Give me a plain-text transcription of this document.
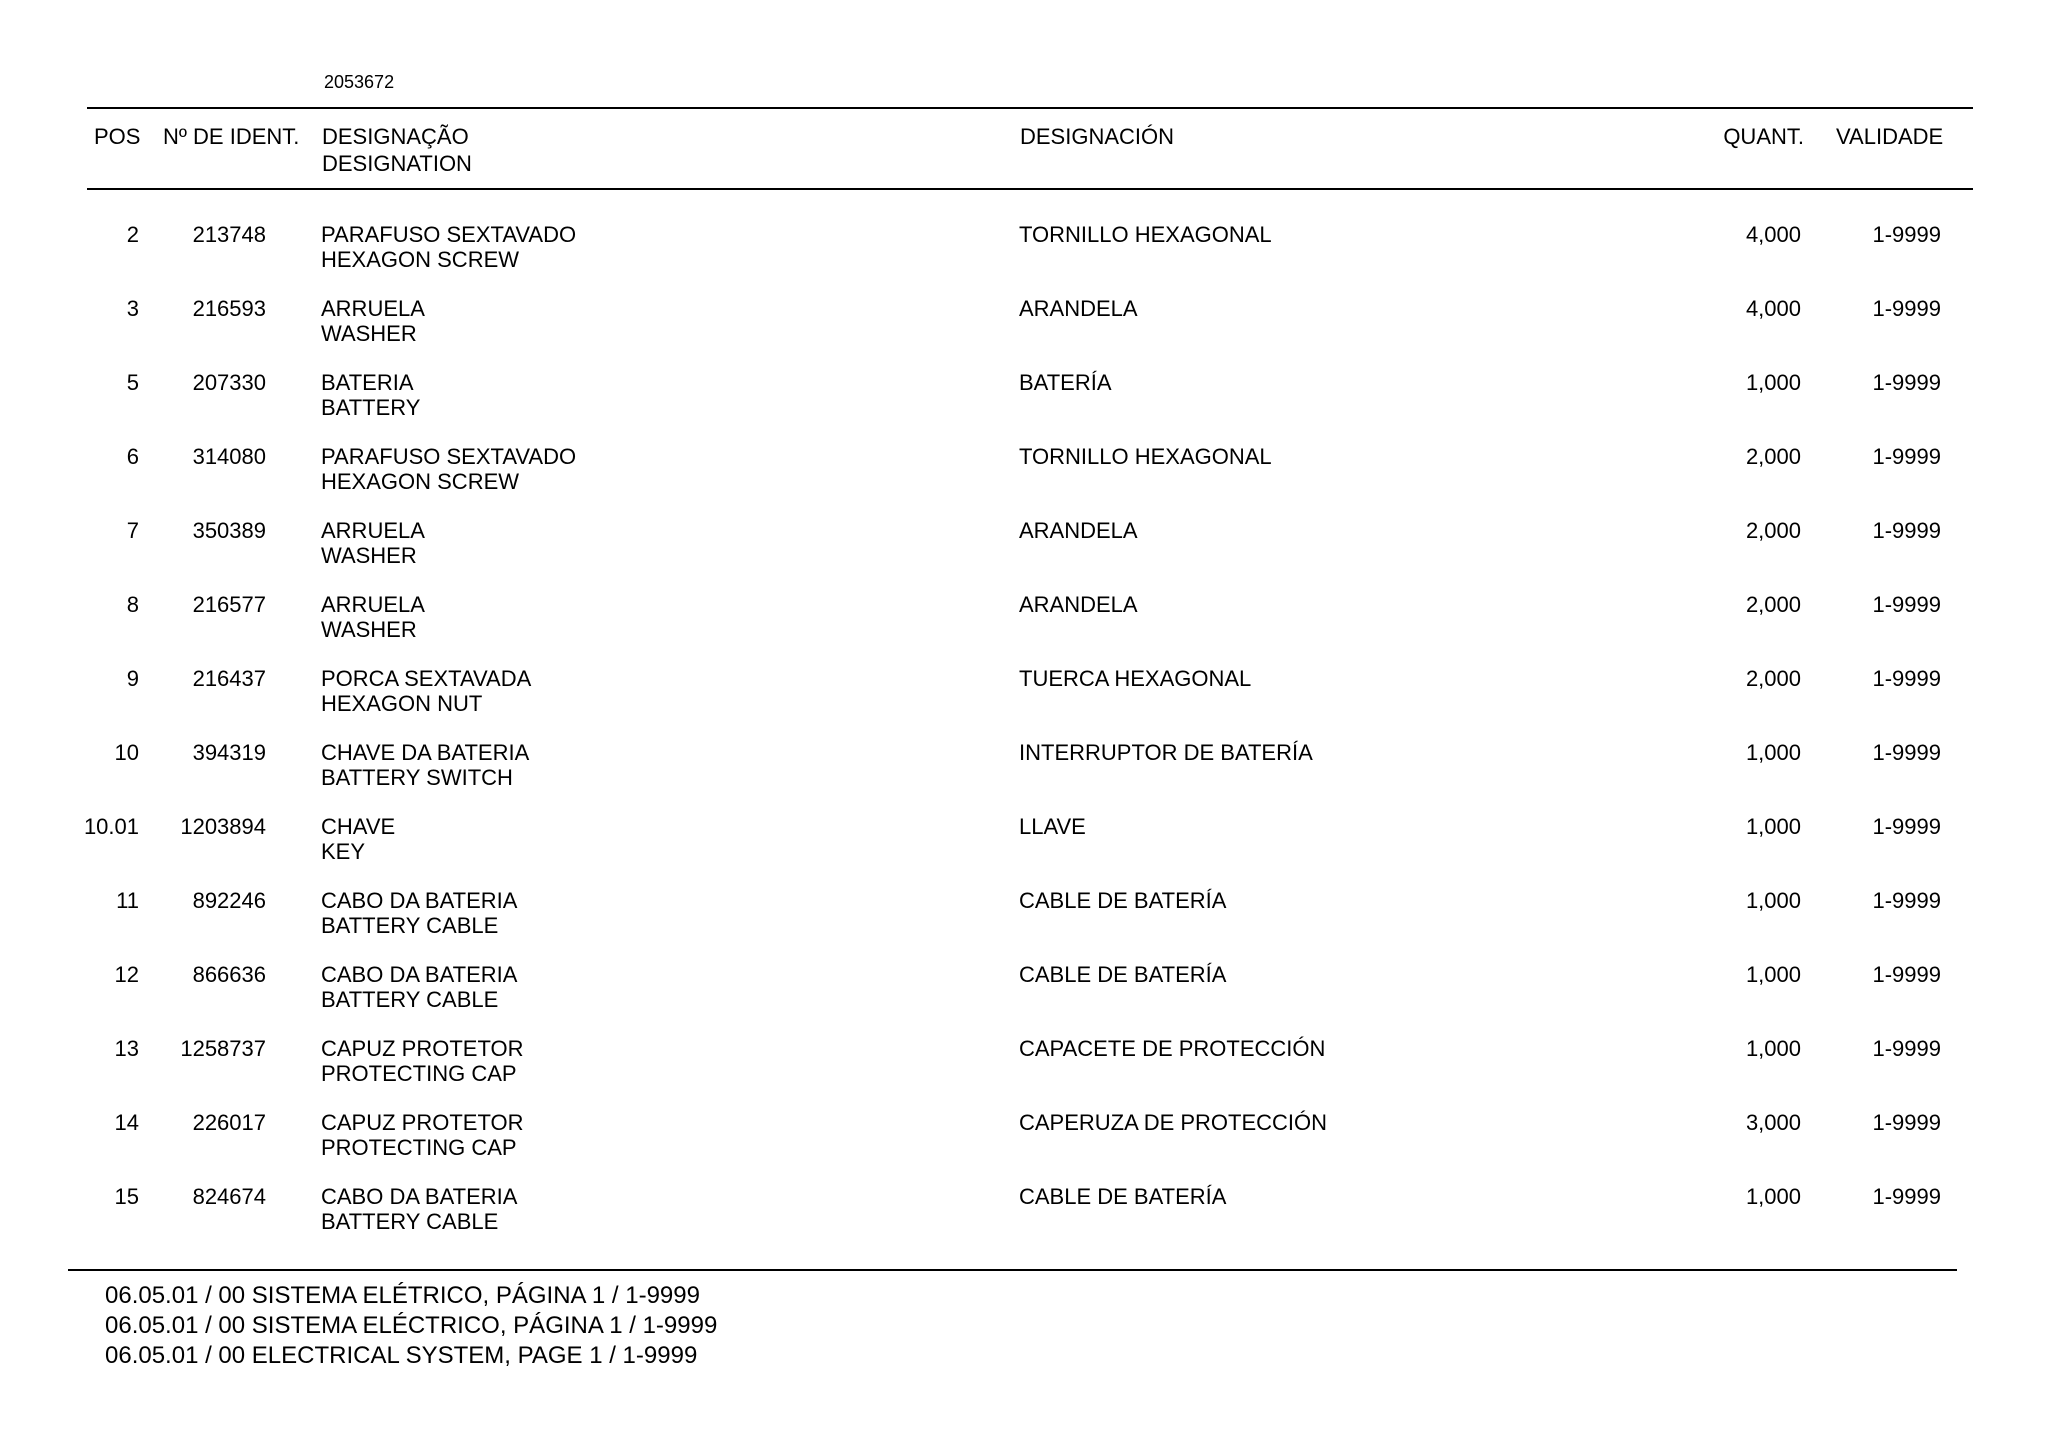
2053672
POS Nº DE IDENT. DESIGNAÇÃO
DESIGNATION
DESIGNACIÓN	QUANT. VALIDADE
2 213748	PARAFUSO SEXTAVADO
HEXAGON SCREW
TORNILLO HEXAGONAL	4,000	1-9999
3 216593	ARRUELA
WASHER
ARANDELA	4,000	1-9999
5 207330	BATERIA
BATTERY
BATERÍA	1,000	1-9999
6 314080	PARAFUSO SEXTAVADO
HEXAGON SCREW
TORNILLO HEXAGONAL	2,000	1-9999
7 350389	ARRUELA
WASHER
ARANDELA	2,000	1-9999
8 216577	ARRUELA
WASHER
ARANDELA	2,000	1-9999
9 216437	PORCA SEXTAVADA
HEXAGON NUT
TUERCA HEXAGONAL	2,000	1-9999
10 394319	CHAVE DA BATERIA
BATTERY SWITCH
INTERRUPTOR DE BATERÍA	1,000	1-9999
10.01 1203894	CHAVE
KEY
LLAVE	1,000	1-9999
11 892246	CABO DA BATERIA
BATTERY CABLE
CABLE DE BATERÍA	1,000	1-9999
12 866636	CABO DA BATERIA
BATTERY CABLE
CABLE DE BATERÍA	1,000	1-9999
13 1258737	CAPUZ PROTETOR
PROTECTING CAP
CAPACETE DE PROTECCIÓN	1,000	1-9999
14 226017	CAPUZ PROTETOR
PROTECTING CAP
CAPERUZA DE PROTECCIÓN	3,000	1-9999
15 824674	CABO DA BATERIA
BATTERY CABLE
CABLE DE BATERÍA	1,000	1-9999
06.05.01 / 00 SISTEMA ELÉTRICO, PÁGINA 1 / 1-9999
06.05.01 / 00 SISTEMA ELÉCTRICO, PÁGINA 1 / 1-9999
06.05.01 / 00 ELECTRICAL SYSTEM, PAGE 1 / 1-9999
